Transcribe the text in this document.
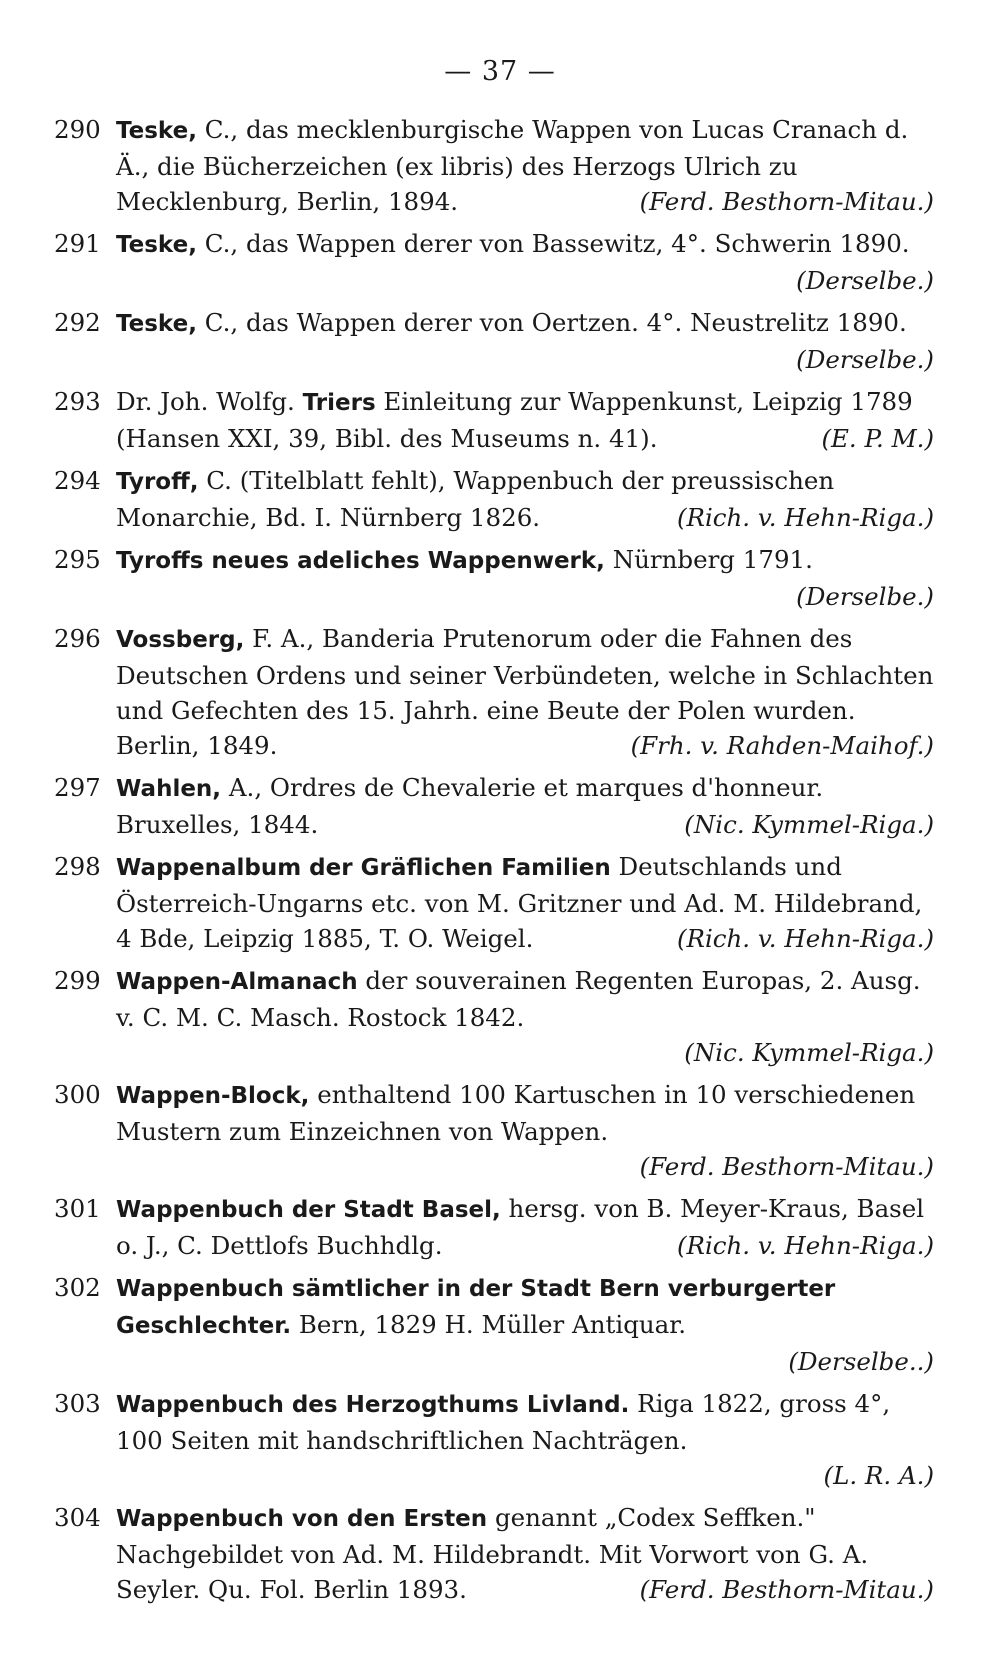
— 37 —
290 Teske, C., das mecklenburgische Wappen von Lucas Cranach d. Ä., die Bücherzeichen (ex libris) des Herzogs Ulrich zu Mecklenburg, Berlin, 1894.	(Ferd. Besthorn-Mitau.)
291 Teske, C., das Wappen derer von Bassewitz, 4°. Schwerin 1890.
(Derselbe.)
292 Teske, C., das Wappen derer von Oertzen. 4°. Neustrelitz 1890.
(Derselbe.)
293 Dr. Joh. Wolfg. Triers Einleitung zur Wappenkunst, Leipzig 1789 (Hansen XXI, 39, Bibl. des Museums n. 41).	(E. P. M.)
294 Tyroff, C. (Titelblatt fehlt), Wappenbuch der preussischen Monarchie, Bd. I. Nürnberg 1826.	(Rich. v. Hehn-Riga.)
295 Tyroffs neues adeliches Wappenwerk, Nürnberg 1791.
(Derselbe.)
296 Vossberg, F. A., Banderia Prutenorum oder die Fahnen des Deutschen Ordens und seiner Verbündeten, welche in Schlachten und Gefechten des 15. Jahrh. eine Beute der Polen wurden. Berlin, 1849.	(Frh. v. Rahden-Maihof.)
297 Wahlen, A., Ordres de Chevalerie et marques d'honneur. Bruxelles, 1844.	(Nic. Kymmel-Riga.)
298 Wappenalbum der Gräflichen Familien Deutschlands und Österreich-Ungarns etc. von M. Gritzner und Ad. M. Hildebrand, 4 Bde, Leipzig 1885, T. O. Weigel.	(Rich. v. Hehn-Riga.)
299 Wappen-Almanach der souverainen Regenten Europas, 2. Ausg. v. C. M. C. Masch. Rostock 1842.
(Nic. Kymmel-Riga.)
300 Wappen-Block, enthaltend 100 Kartuschen in 10 verschiedenen Mustern zum Einzeichnen von Wappen.
(Ferd. Besthorn-Mitau.)
301 Wappenbuch der Stadt Basel, hersg. von B. Meyer-Kraus, Basel o. J., C. Dettlofs Buchhdlg.	(Rich. v. Hehn-Riga.)
302 Wappenbuch sämtlicher in der Stadt Bern verburgerter Geschlechter. Bern, 1829 H. Müller Antiquar.
(Derselbe..)
303 Wappenbuch des Herzogthums Livland. Riga 1822, gross 4°, 100 Seiten mit handschriftlichen Nachträgen.
(L. R. A.)
304 Wappenbuch von den Ersten genannt „Codex Seffken." Nachgebildet von Ad. M. Hildebrandt. Mit Vorwort von G. A. Seyler. Qu. Fol. Berlin 1893.	(Ferd. Besthorn-Mitau.)
